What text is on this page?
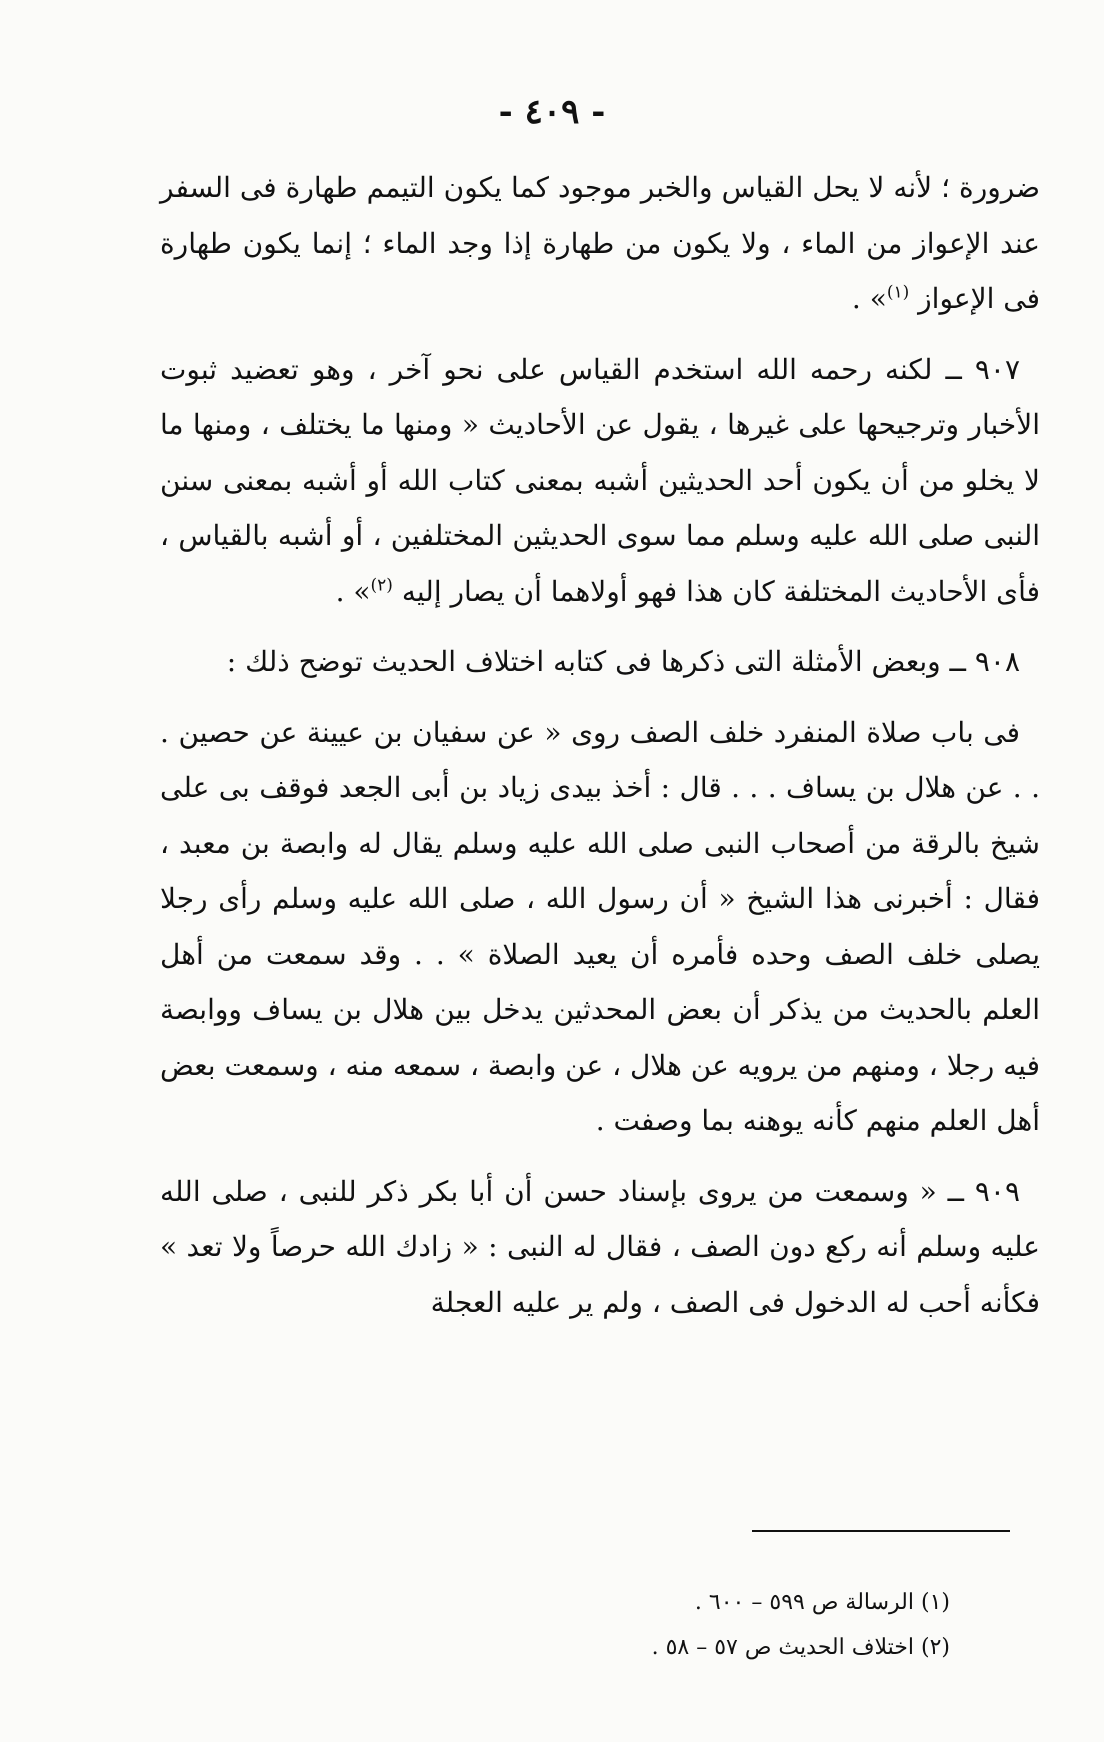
- ٤٠٩ -

ضرورة ؛ لأنه لا يحل القياس والخبر موجود كما يكون التيمم طهارة فى السفر عند الإعواز من الماء ، ولا يكون من طهارة إذا وجد الماء ؛ إنما يكون طهارة فى الإعواز $^{(١)}$» .

٩٠٧ ــ لكنه رحمه الله استخدم القياس على نحو آخر ، وهو تعضيد ثبوت الأخبار وترجيحها على غيرها ، يقول عن الأحاديث « ومنها ما يختلف ، ومنها ما لا يخلو من أن يكون أحد الحديثين أشبه بمعنى كتاب الله أو أشبه بمعنى سنن النبى صلى الله عليه وسلم مما سوى الحديثين المختلفين ، أو أشبه بالقياس ، فأى الأحاديث المختلفة كان هذا فهو أولاهما أن يصار إليه $^{(٢)}$» .

٩٠٨ ــ وبعض الأمثلة التى ذكرها فى كتابه اختلاف الحديث توضح ذلك :

فى باب صلاة المنفرد خلف الصف روى « عن سفيان بن عيينة عن حصين . . . عن هلال بن يساف . . . قال : أخذ بيدى زياد بن أبى الجعد فوقف بى على شيخ بالرقة من أصحاب النبى صلى الله عليه وسلم يقال له وابصة بن معبد ، فقال : أخبرنى هذا الشيخ « أن رسول الله ، صلى الله عليه وسلم رأى رجلا يصلى خلف الصف وحده فأمره أن يعيد الصلاة » . . وقد سمعت من أهل العلم بالحديث من يذكر أن بعض المحدثين يدخل بين هلال بن يساف ووابصة فيه رجلا ، ومنهم من يرويه عن هلال ، عن وابصة ، سمعه منه ، وسمعت بعض أهل العلم منهم كأنه يوهنه بما وصفت .

٩٠٩ ــ « وسمعت من يروى بإسناد حسن أن أبا بكر ذكر للنبى ، صلى الله عليه وسلم أنه ركع دون الصف ، فقال له النبى : « زادك الله حرصاً ولا تعد » فكأنه أحب له الدخول فى الصف ، ولم ير عليه العجلة

(١) الرسالة ص ٥٩٩ – ٦٠٠ .
(٢) اختلاف الحديث ص ٥٧ – ٥٨ .
